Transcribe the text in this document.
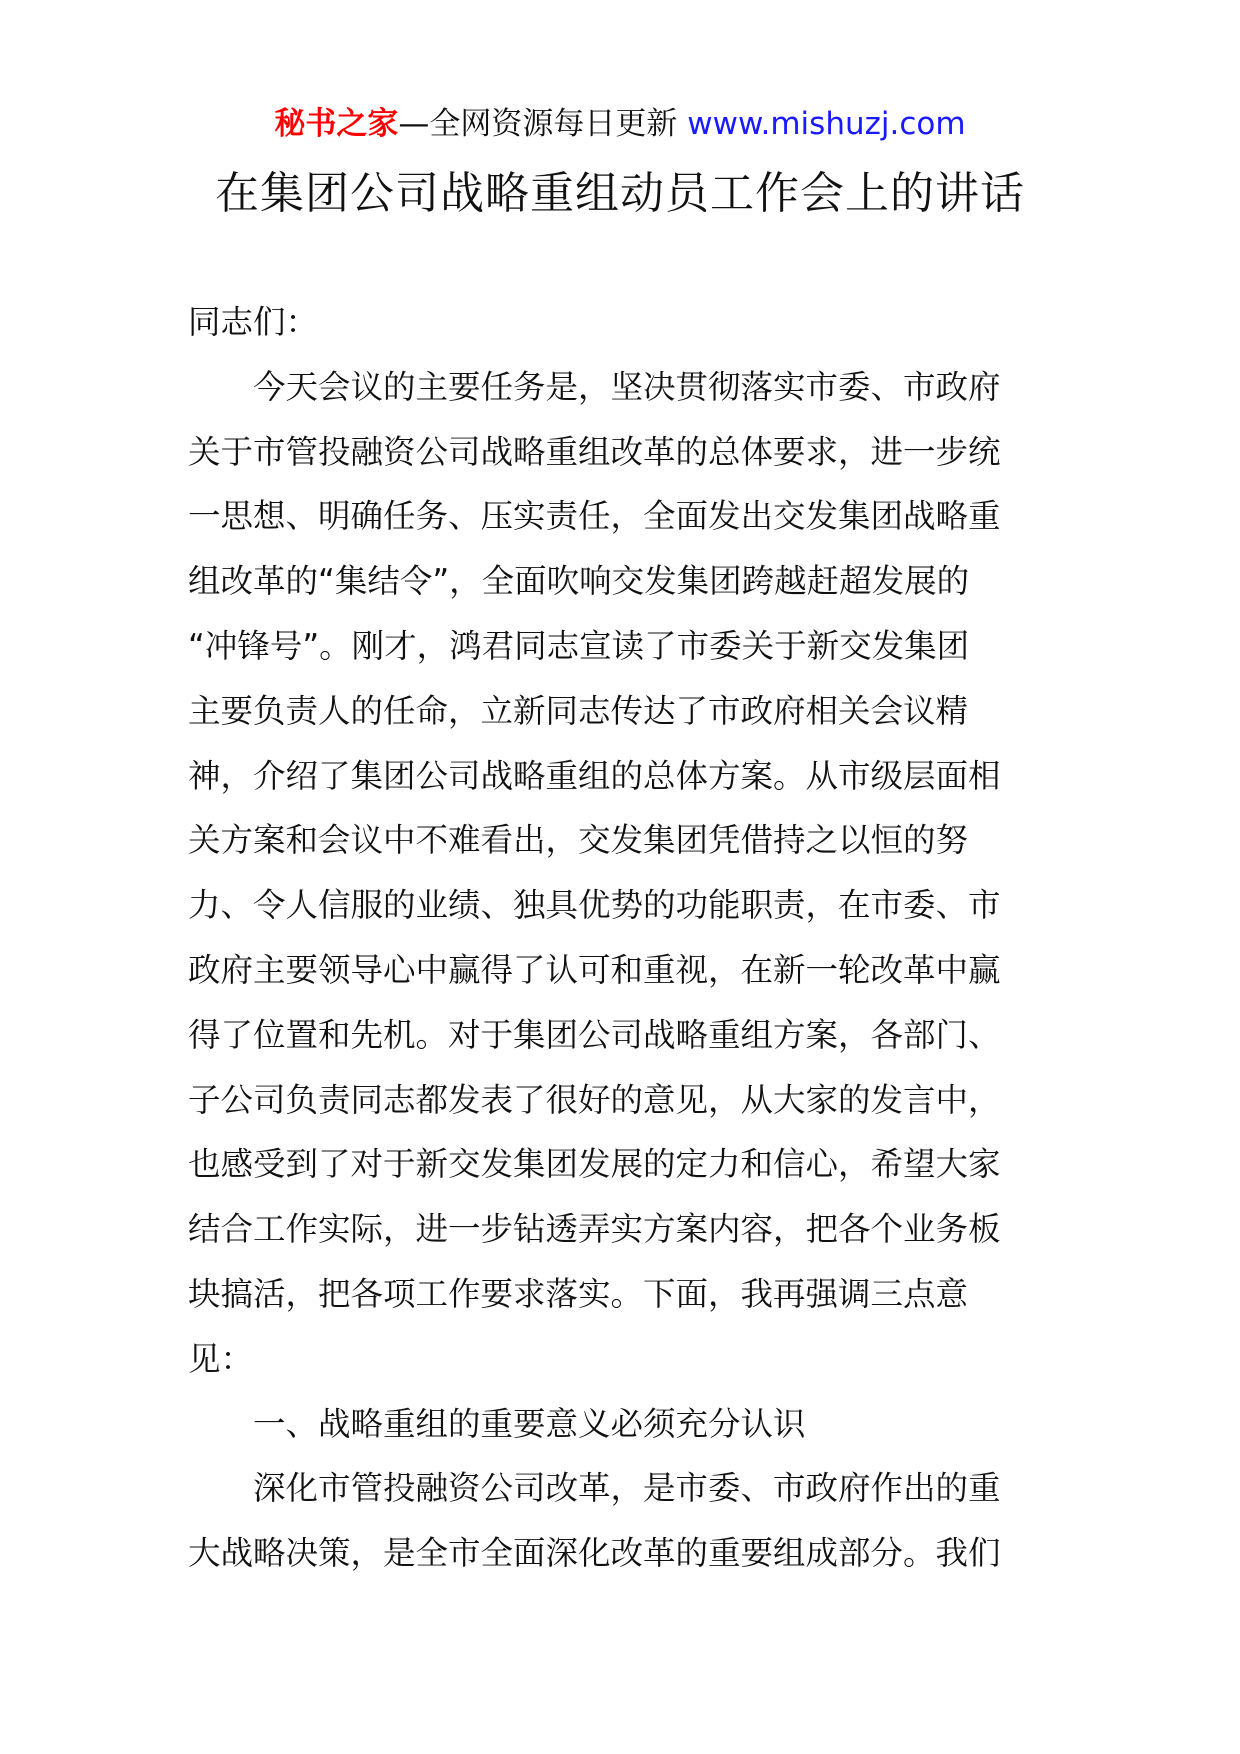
秘书之家—全网资源每日更新 www.mishuzj.com
在集团公司战略重组动员工作会上的讲话
同志们：
今天会议的主要任务是，坚决贯彻落实市委、市政府
关于市管投融资公司战略重组改革的总体要求，进一步统
一思想、明确任务、压实责任，全面发出交发集团战略重
组改革的“集结令”，全面吹响交发集团跨越赶超发展的
“冲锋号”。刚才，鸿君同志宣读了市委关于新交发集团
主要负责人的任命，立新同志传达了市政府相关会议精
神，介绍了集团公司战略重组的总体方案。从市级层面相
关方案和会议中不难看出，交发集团凭借持之以恒的努
力、令人信服的业绩、独具优势的功能职责，在市委、市
政府主要领导心中赢得了认可和重视，在新一轮改革中赢
得了位置和先机。对于集团公司战略重组方案，各部门、
子公司负责同志都发表了很好的意见，从大家的发言中，
也感受到了对于新交发集团发展的定力和信心，希望大家
结合工作实际，进一步钻透弄实方案内容，把各个业务板
块搞活，把各项工作要求落实。下面，我再强调三点意
见：
一、战略重组的重要意义必须充分认识
深化市管投融资公司改革，是市委、市政府作出的重
大战略决策，是全市全面深化改革的重要组成部分。我们
